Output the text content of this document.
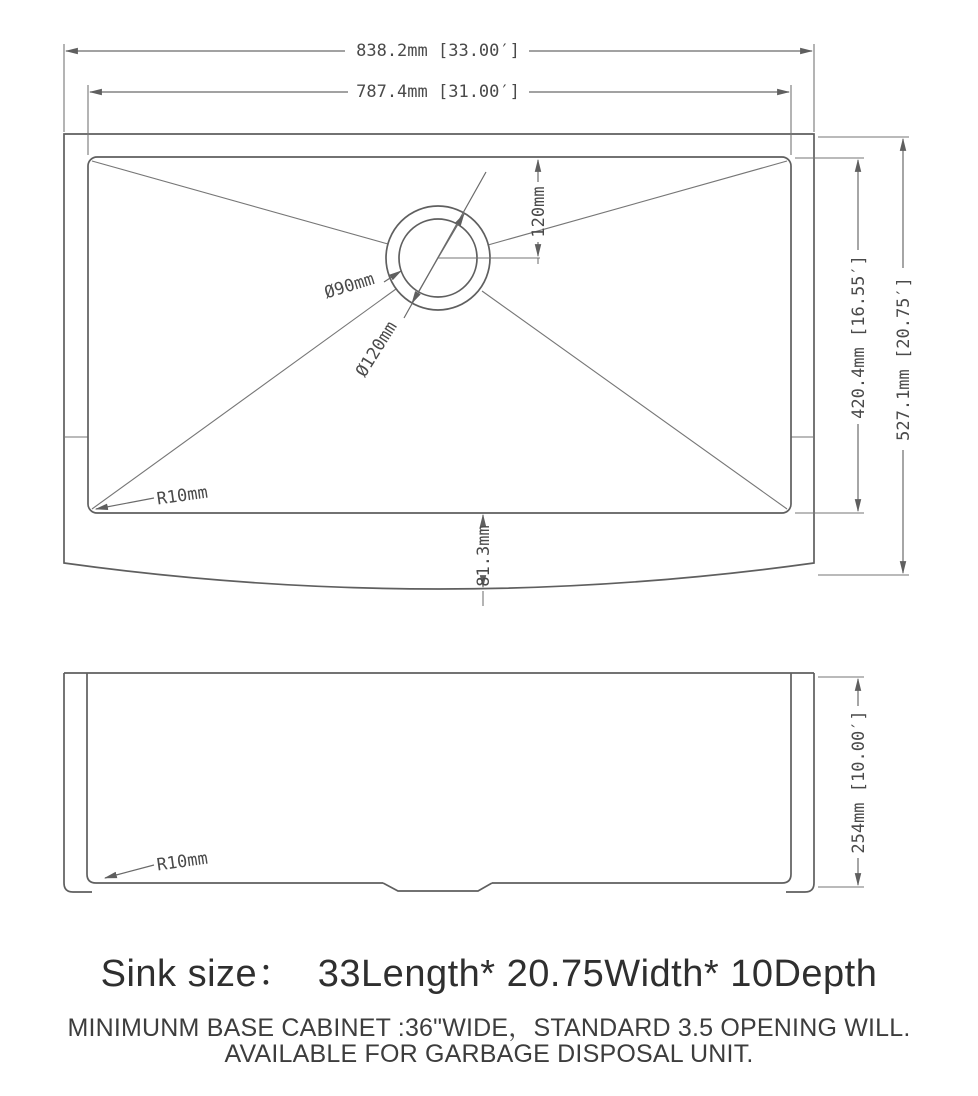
Ø120mm
Ø90mm
120mm
838.2mm [33.00′]
787.4mm [31.00′]
420.4mm [16.55′] 527.1mm [20.75′]
81.3mm
R10mm
R10mm
254mm [10.00′]
Sink size：  33Length* 20.75Width* 10Depth
MINIMUNM BASE CABINET :36"WIDE，STANDARD 3.5 OPENING WILL.
AVAILABLE FOR GARBAGE DISPOSAL UNIT.
